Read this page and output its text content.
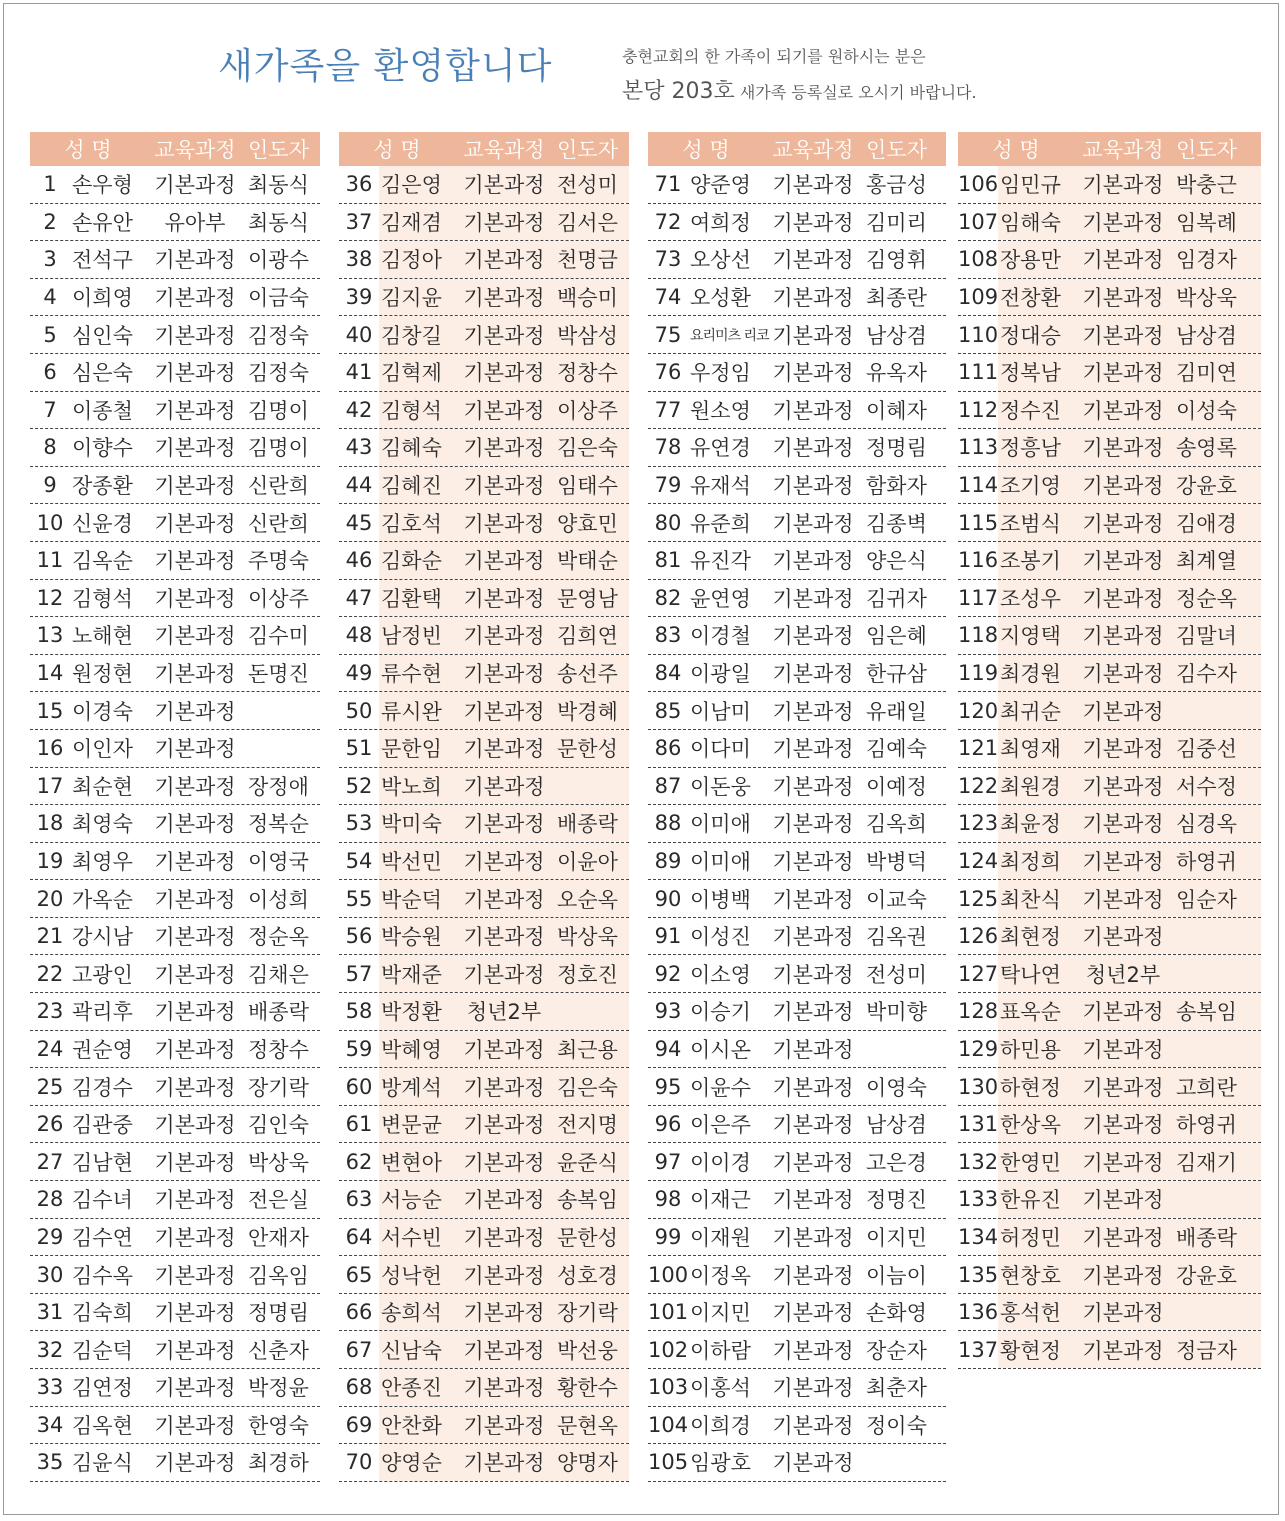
새가족을 환영합니다	충현교회의 한 가족이 되기를 원하시는 분은
본당 203호 새가족 등록실로 오시기 바랍니다.
성 명	교육과정 인도자
1 손우형	기본과정 최동식
2 손유안	유아부	최동식
3 전석구	기본과정 이광수
4 이희영	기본과정 이금숙
5 심인숙	기본과정 김정숙
6 심은숙	기본과정 김정숙
7 이종철	기본과정 김명이
8 이향수	기본과정 김명이
9 장종환	기본과정 신란희
10 신윤경	기본과정 신란희
11 김옥순	기본과정 주명숙
12 김형석	기본과정 이상주
13 노해현	기본과정 김수미
14 원정현	기본과정 돈명진
15 이경숙	기본과정
16 이인자	기본과정
17 최순현	기본과정 장정애
18 최영숙	기본과정 정복순
19 최영우	기본과정 이영국
20 가옥순	기본과정 이성희
21 강시남	기본과정 정순옥
22 고광인	기본과정 김채은
23 곽리후	기본과정 배종락
24 권순영	기본과정 정창수
25 김경수	기본과정 장기락
26 김관중	기본과정 김인숙
27 김남현	기본과정 박상욱
28 김수녀	기본과정 전은실
29 김수연	기본과정 안재자
30 김수옥	기본과정 김옥임
31 김숙희	기본과정 정명림
32 김순덕	기본과정 신춘자
33 김연정	기본과정 박정윤
34 김옥현	기본과정 한영숙
35 김윤식	기본과정 최경하
성 명	교육과정 인도자
36 김은영	기본과정 전성미
37 김재겸	기본과정 김서은
38 김정아	기본과정 천명금
39 김지윤	기본과정 백승미
40 김창길	기본과정 박삼성
41 김혁제	기본과정 정창수
42 김형석	기본과정 이상주
43 김혜숙	기본과정 김은숙
44 김혜진	기본과정 임태수
45 김호석	기본과정 양효민
46 김화순	기본과정 박태순
47 김환택	기본과정 문영남
48 남정빈	기본과정 김희연
49 류수현	기본과정 송선주
50 류시완	기본과정 박경혜
51 문한임	기본과정 문한성
52 박노희	기본과정
53 박미숙	기본과정 배종락
54 박선민	기본과정 이윤아
55 박순덕	기본과정 오순옥
56 박승원	기본과정 박상욱
57 박재준	기본과정 정호진
58 박정환	청년2부
59 박혜영	기본과정 최근용
60 방계석	기본과정 김은숙
61 변문균	기본과정 전지명
62 변현아	기본과정 윤준식
63 서능순	기본과정 송복임
64 서수빈	기본과정 문한성
65 성낙헌	기본과정 성호경
66 송희석	기본과정 장기락
67 신남숙	기본과정 박선웅
68 안종진	기본과정 황한수
69 안찬화	기본과정 문현옥
70 양영순	기본과정 양명자
성 명	교육과정 인도자
71 양준영	기본과정 홍금성
72 여희정	기본과정 김미리
73 오상선	기본과정 김영휘
74 오성환	기본과정 최종란
75 요리미츠 리코 기본과정 남상겸
76 우정임	기본과정 유옥자
77 원소영	기본과정 이혜자
78 유연경	기본과정 정명림
79 유재석	기본과정 함화자
80 유준희	기본과정 김종벽
81 유진각	기본과정 양은식
82 윤연영	기본과정 김귀자
83 이경철	기본과정 임은혜
84 이광일	기본과정 한규삼
85 이남미	기본과정 유래일
86 이다미	기본과정 김예숙
87 이돈웅	기본과정 이예정
88 이미애	기본과정 김옥희
89 이미애	기본과정 박병덕
90 이병백	기본과정 이교숙
91 이성진	기본과정 김옥권
92 이소영	기본과정 전성미
93 이승기	기본과정 박미향
94 이시온	기본과정
95 이윤수	기본과정 이영숙
96 이은주	기본과정 남상겸
97 이이경	기본과정 고은경
98 이재근	기본과정 정명진
99 이재원	기본과정 이지민
100 이정옥	기본과정 이늠이
101 이지민	기본과정 손화영
102 이하람	기본과정 장순자
103 이홍석	기본과정 최춘자
104 이희경	기본과정 정이숙
105 임광호	기본과정
성 명	교육과정 인도자
106 임민규	기본과정 박충근
107 임해숙	기본과정 임복례
108 장용만	기본과정 임경자
109 전창환	기본과정 박상욱
110 정대승	기본과정 남상겸
111 정복남	기본과정 김미연
112 정수진	기본과정 이성숙
113 정흥남	기본과정 송영록
114 조기영	기본과정 강윤호
115 조범식	기본과정 김애경
116 조봉기	기본과정 최계열
117 조성우	기본과정 정순옥
118 지영택	기본과정 김말녀
119 최경원	기본과정 김수자
120 최귀순	기본과정
121 최영재	기본과정 김중선
122 최원경	기본과정 서수정
123 최윤정	기본과정 심경옥
124 최정희	기본과정 하영귀
125 최찬식	기본과정 임순자
126 최현정	기본과정
127 탁나연	청년2부
128 표옥순	기본과정 송복임
129 하민용	기본과정
130 하현정	기본과정 고희란
131 한상옥	기본과정 하영귀
132 한영민	기본과정 김재기
133 한유진	기본과정
134 허정민	기본과정 배종락
135 현창호	기본과정 강윤호
136 홍석헌	기본과정
137 황현정	기본과정 정금자
